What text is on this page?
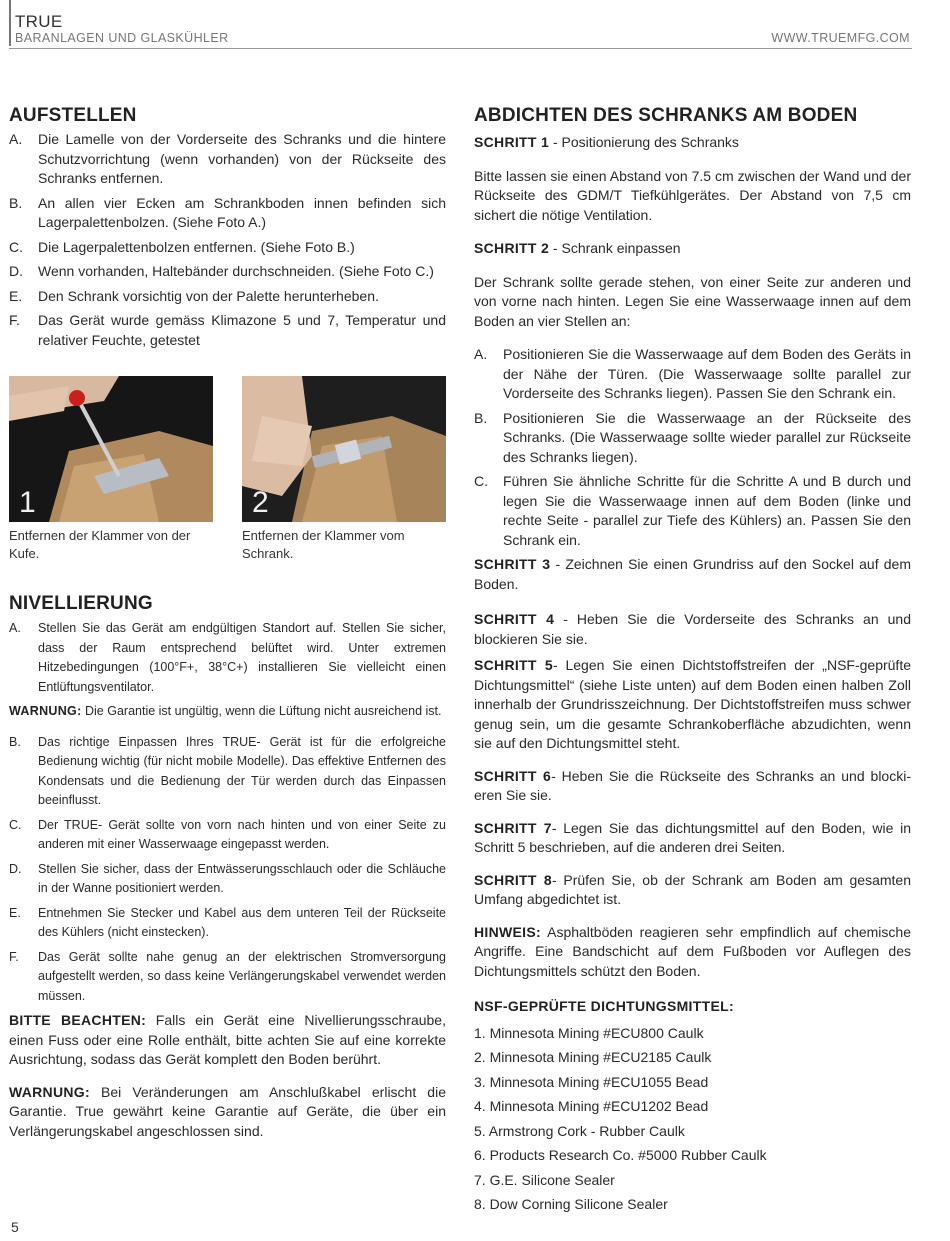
TRUE
BARANLAGEN UND GLASKÜHLER	WWW.TRUEMFG.COM
AUFSTELLEN
A.	Die Lamelle von der Vorderseite des Schranks und die hintere Schutzvorrichtung (wenn vorhanden) von der Rückseite des Schranks entfernen.
B.	An allen vier Ecken am Schrankboden innen befinden sich Lagerpalettenbolzen. (Siehe Foto A.)
C.	Die Lagerpalettenbolzen entfernen. (Siehe Foto B.)
D.	Wenn vorhanden, Haltebänder durchschneiden. (Siehe Foto C.)
E.	Den Schrank vorsichtig von der Palette herunterheben.
F.	Das Gerät wurde gemäss Klimazone 5 und 7, Temperatur und relativer Feuchte, getestet
1
Entfernen der Klammer von der Kufe.
2
Entfernen der Klammer vom Schrank.
NIVELLIERUNG
A.	Stellen Sie das Gerät am endgültigen Standort auf. Stellen Sie sicher, dass der Raum entsprechend belüftet wird. Unter extremen Hitzebedingungen (100°F+, 38°C+) installieren Sie vielleicht einen Entlüftungsventilator.

WARNUNG: Die Garantie ist ungültig, wenn die Lüftung nicht ausreichend ist.

B.	Das richtige Einpassen Ihres TRUE- Gerät ist für die erfolgreiche Bedienung wichtig (für nicht mobile Modelle). Das effektive Entfernen des Kondensats und die Bedienung der Tür werden durch das Einpassen beeinflusst.
C.	Der TRUE- Gerät sollte von vorn nach hinten und von einer Seite zu anderen mit einer Wasserwaage eingepasst werden.
D.	Stellen Sie sicher, dass der Entwässerungsschlauch oder die Schläuche in der Wanne positioniert werden.
E.	Entnehmen Sie Stecker und Kabel aus dem unteren Teil der Rückseite des Kühlers (nicht einstecken).
F.	Das Gerät sollte nahe genug an der elektrischen Stromversorgung aufgestellt werden, so dass keine Verlängerungskabel verwendet werden müssen.

BITTE BEACHTEN: Falls ein Gerät eine Nivellierungsschraube, einen Fuss oder eine Rolle enthält, bitte achten Sie auf eine korrekte Ausrichtung, sodass das Gerät komplett den Boden berührt.

WARNUNG: Bei Veränderungen am Anschlußkabel erlischt die Garantie. True gewährt keine Garantie auf Geräte, die über ein Verlängerungskabel angeschlossen sind.

ABDICHTEN DES SCHRANKS AM BODEN

SCHRITT 1 - Positionierung des Schranks

Bitte lassen sie einen Abstand von 7.5 cm zwischen der Wand und der Rückseite des GDM/T Tiefkühlgerätes. Der Abstand von 7,5 cm sichert die nötige Ventilation.

SCHRITT 2 - Schrank einpassen

Der Schrank sollte gerade stehen, von einer Seite zur anderen und von vorne nach hinten. Legen Sie eine Wasserwaage innen auf dem Boden an vier Stellen an:

A.	Positionieren Sie die Wasserwaage auf dem Boden des Geräts in der Nähe der Türen. (Die Wasserwaage sollte parallel zur Vorderseite des Schranks liegen). Passen Sie den Schrank ein.
B.	Positionieren Sie die Wasserwaage an der Rückseite des Schranks. (Die Wasserwaage sollte wieder parallel zur Rückseite des Schranks liegen).
C.	Führen Sie ähnliche Schritte für die Schritte A und B durch und legen Sie die Wasserwaage innen auf dem Boden (linke und rechte Seite - parallel zur Tiefe des Kühlers) an. Passen Sie den Schrank ein.

SCHRITT 3 - Zeichnen Sie einen Grundriss auf den Sockel auf dem Boden.

SCHRITT 4 - Heben Sie die Vorderseite des Schranks an und blockieren Sie sie.

SCHRITT 5- Legen Sie einen Dichtstoffstreifen der „NSF-geprüfte Dichtungsmittel“ (siehe Liste unten) auf dem Boden einen halben Zoll innerhalb der Grundrisszeichnung. Der Dichtstoffstreifen muss schwer genug sein, um die gesamte Schrankoberfläche abzudichten, wenn sie auf den Dichtungsmittel steht.

SCHRITT 6- Heben Sie die Rückseite des Schranks an und blocki-eren Sie sie.

SCHRITT 7- Legen Sie das dichtungsmittel auf den Boden, wie in Schritt 5 beschrieben, auf die anderen drei Seiten.

SCHRITT 8- Prüfen Sie, ob der Schrank am Boden am gesamten Umfang abgedichtet ist.

HINWEIS: Asphaltböden reagieren sehr empfindlich auf chemische Angriffe. Eine Bandschicht auf dem Fußboden vor Auflegen des Dichtungsmittels schützt den Boden.

NSF-GEPRÜFTE DICHTUNGSMITTEL:

1. Minnesota Mining #ECU800 Caulk
2. Minnesota Mining #ECU2185 Caulk
3. Minnesota Mining #ECU1055 Bead
4. Minnesota Mining #ECU1202 Bead
5. Armstrong Cork - Rubber Caulk
6. Products Research Co. #5000 Rubber Caulk
7. G.E. Silicone Sealer
8. Dow Corning Silicone Sealer
5
